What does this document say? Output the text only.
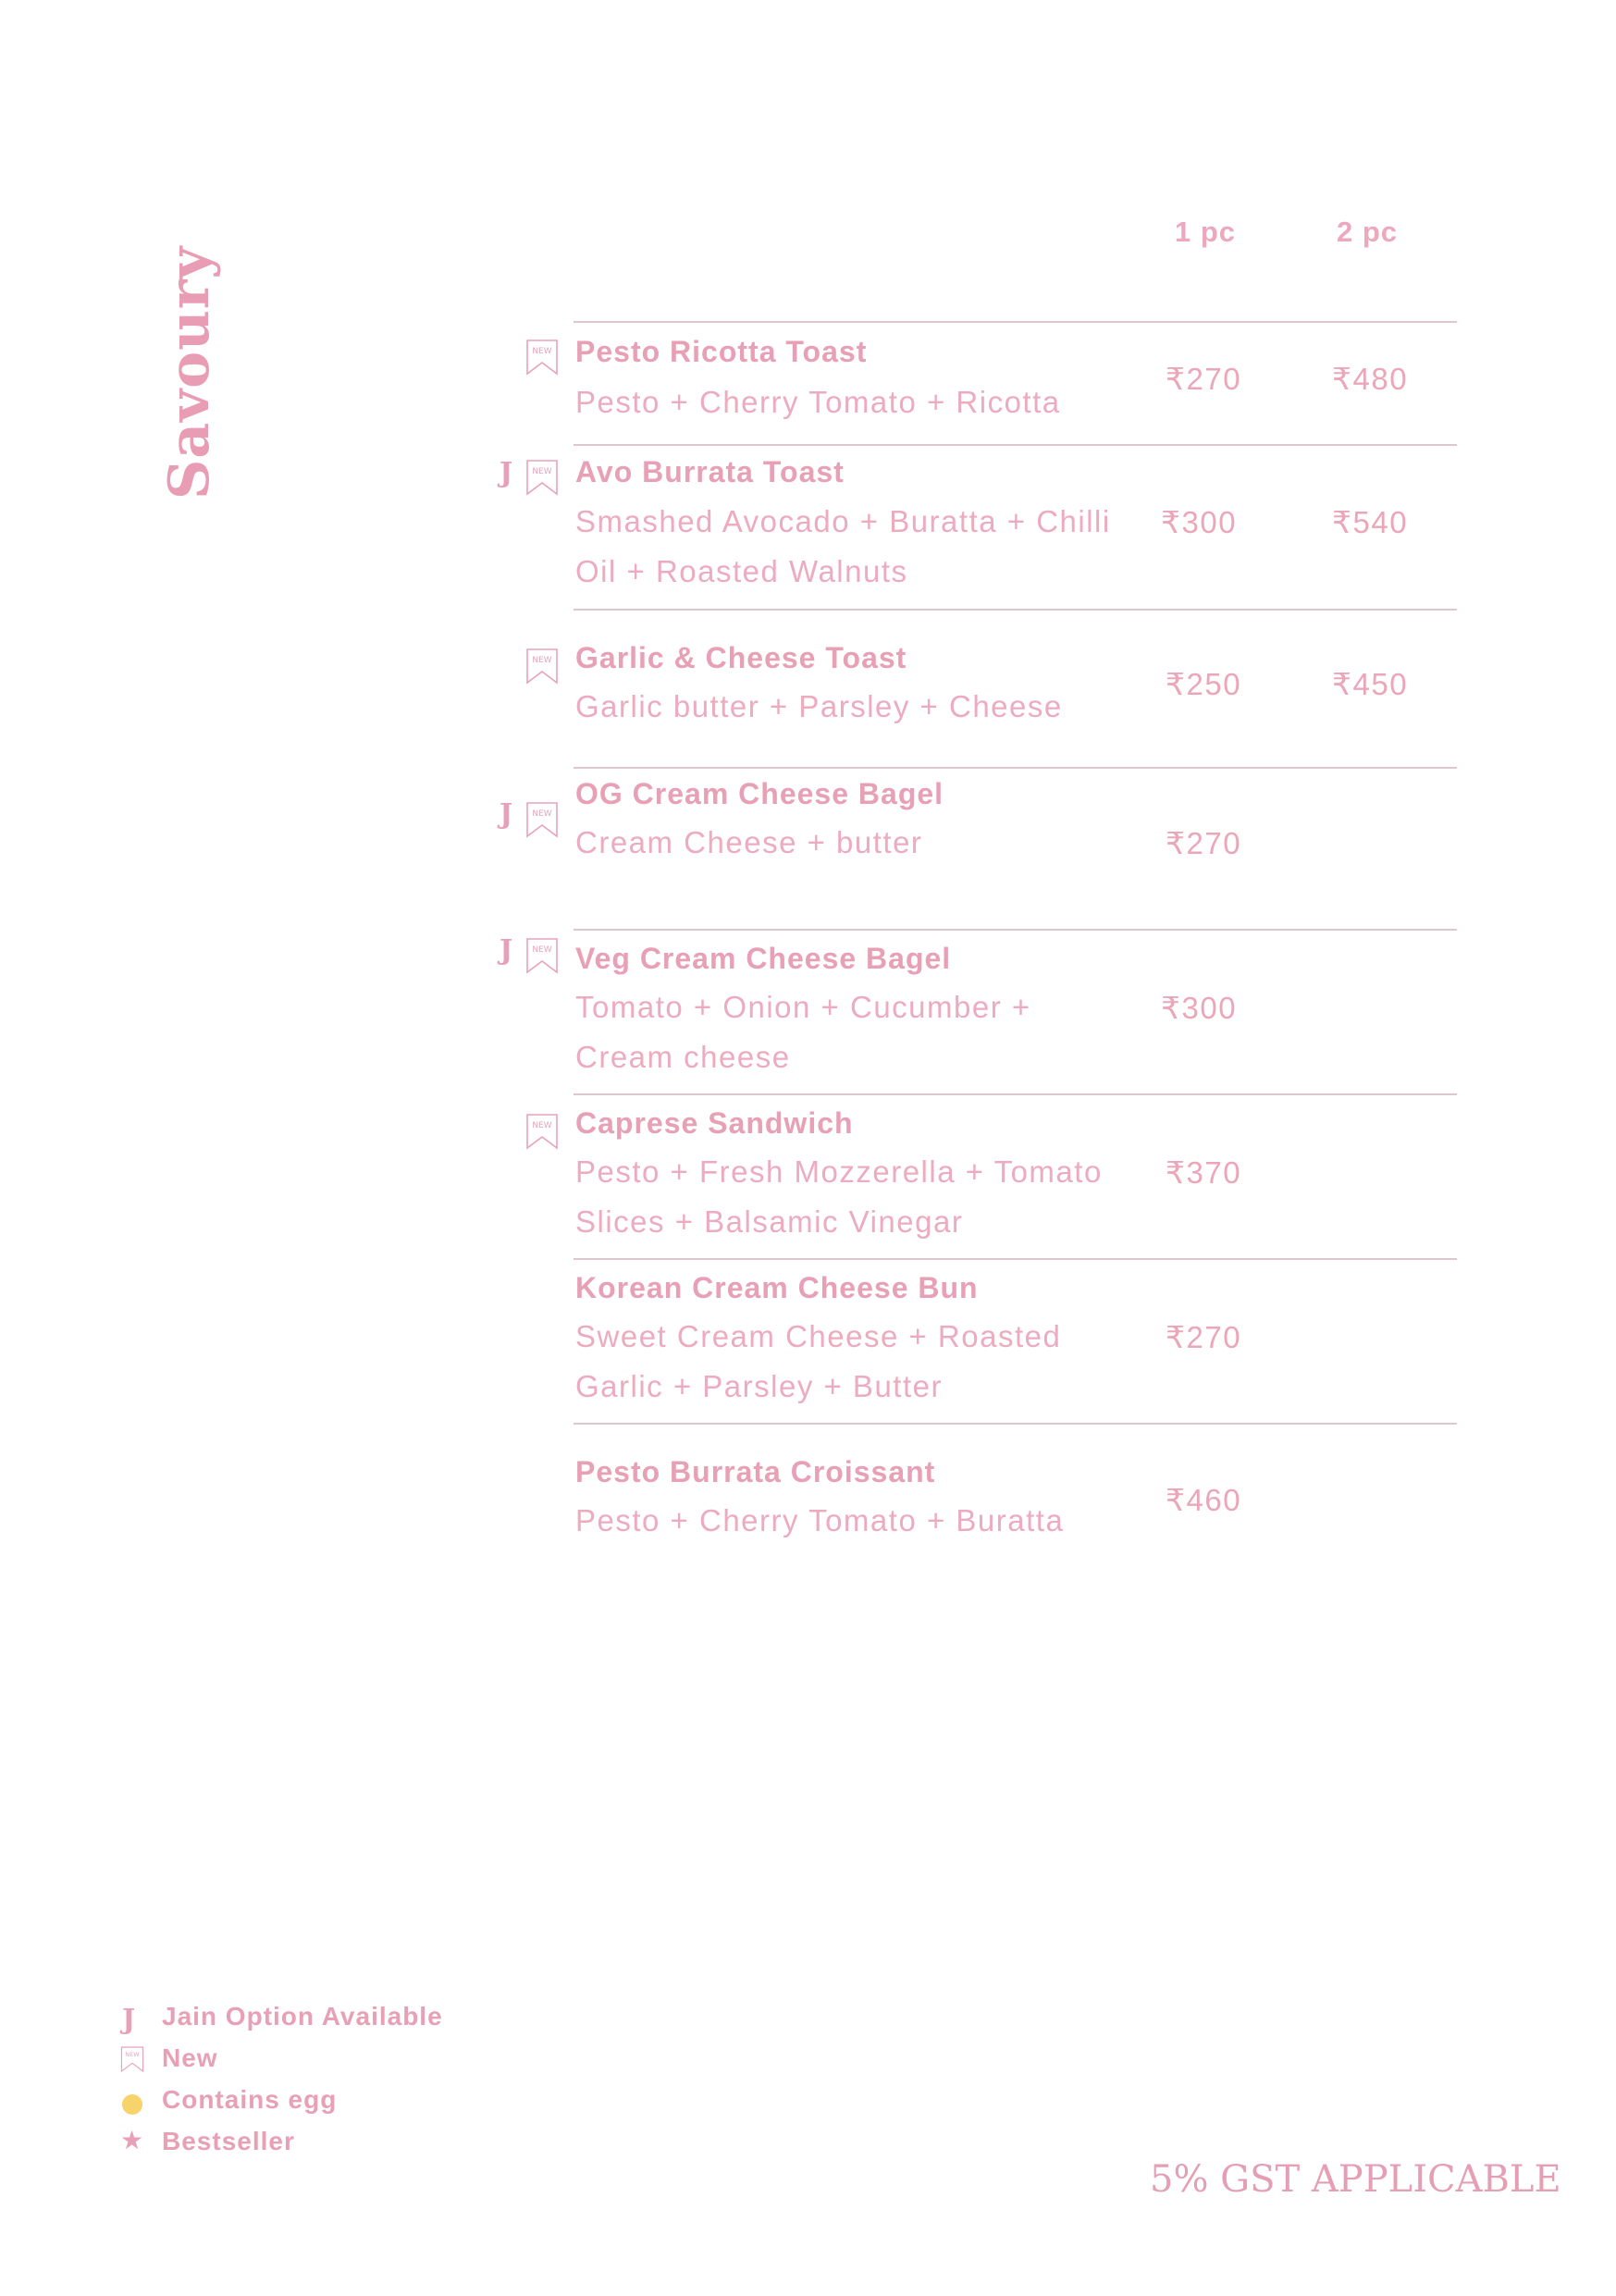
Savoury
1 pc	2 pc
NEW Pesto Ricotta Toast
Pesto + Cherry Tomato + Ricotta
₹270	₹480
J NEW Avo Burrata Toast
Smashed Avocado + Buratta + Chilli
Oil + Roasted Walnuts
₹300	₹540
NEW Garlic & Cheese Toast
Garlic butter + Parsley + Cheese
₹250	₹450
J NEW
OG Cream Cheese Bagel
Cream Cheese + butter	₹270
J NEW Veg Cream Cheese Bagel
Tomato + Onion + Cucumber +
Cream cheese
₹300
NEW Caprese Sandwich
Pesto + Fresh Mozzerella + Tomato
Slices + Balsamic Vinegar
₹370
Korean Cream Cheese Bun
Sweet Cream Cheese + Roasted
Garlic + Parsley + Butter
₹270
Pesto Burrata Croissant
Pesto + Cherry Tomato + Buratta
₹460
J Jain Option Available
NEW New
Contains egg
★ Bestseller
5% GST APPLICABLE
